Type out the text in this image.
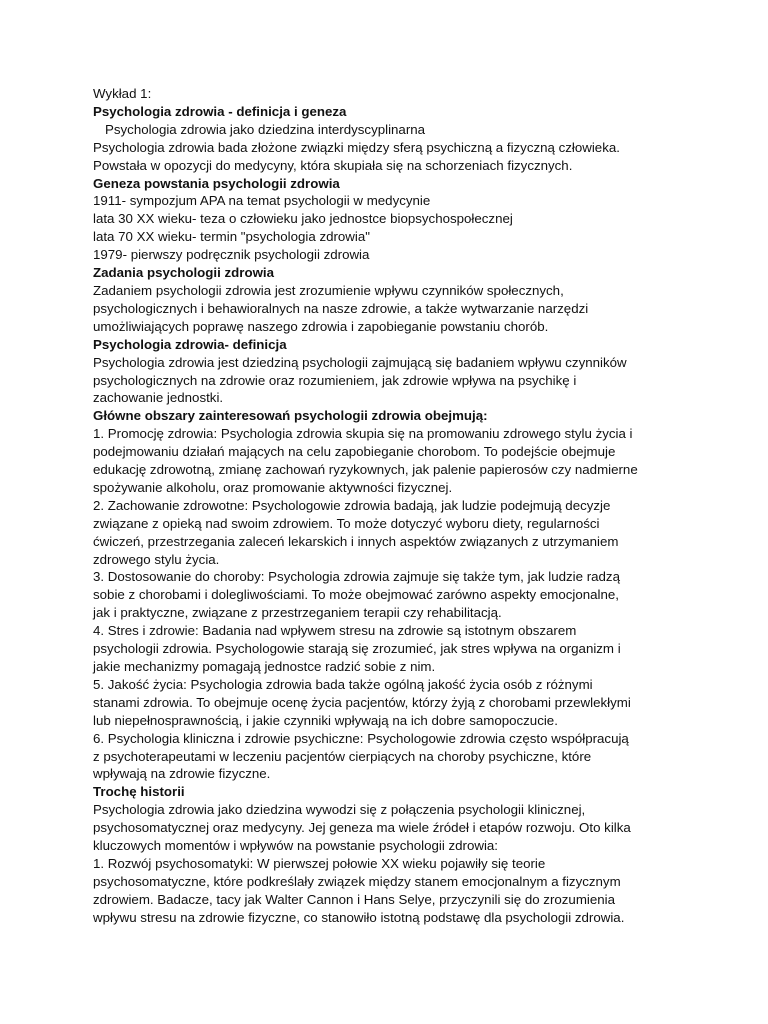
Wykład 1:

Psychologia zdrowia - definicja i geneza

Psychologia zdrowia jako dziedzina interdyscyplinarna

Psychologia zdrowia bada złożone związki między sferą psychiczną a fizyczną człowieka.

Powstała w opozycji do medycyny, która skupiała się na schorzeniach fizycznych.

Geneza powstania psychologii zdrowia

1911- sympozjum APA na temat psychologii w medycynie

lata 30 XX wieku- teza o człowieku jako jednostce biopsychospołecznej

lata 70 XX wieku- termin "psychologia zdrowia"

1979- pierwszy podręcznik psychologii zdrowia

Zadania psychologii zdrowia

Zadaniem psychologii zdrowia jest zrozumienie wpływu czynników społecznych,

psychologicznych i behawioralnych na nasze zdrowie, a także wytwarzanie narzędzi

umożliwiających poprawę naszego zdrowia i zapobieganie powstaniu chorób.

Psychologia zdrowia- definicja

Psychologia zdrowia jest dziedziną psychologii zajmującą się badaniem wpływu czynników

psychologicznych na zdrowie oraz rozumieniem, jak zdrowie wpływa na psychikę i

zachowanie jednostki.

Główne obszary zainteresowań psychologii zdrowia obejmują:

1. Promocję zdrowia: Psychologia zdrowia skupia się na promowaniu zdrowego stylu życia i

podejmowaniu działań mających na celu zapobieganie chorobom. To podejście obejmuje

edukację zdrowotną, zmianę zachowań ryzykownych, jak palenie papierosów czy nadmierne

spożywanie alkoholu, oraz promowanie aktywności fizycznej.

2. Zachowanie zdrowotne: Psychologowie zdrowia badają, jak ludzie podejmują decyzje

związane z opieką nad swoim zdrowiem. To może dotyczyć wyboru diety, regularności

ćwiczeń, przestrzegania zaleceń lekarskich i innych aspektów związanych z utrzymaniem

zdrowego stylu życia.

3. Dostosowanie do choroby: Psychologia zdrowia zajmuje się także tym, jak ludzie radzą

sobie z chorobami i dolegliwościami. To może obejmować zarówno aspekty emocjonalne,

jak i praktyczne, związane z przestrzeganiem terapii czy rehabilitacją.

4. Stres i zdrowie: Badania nad wpływem stresu na zdrowie są istotnym obszarem

psychologii zdrowia. Psychologowie starają się zrozumieć, jak stres wpływa na organizm i

jakie mechanizmy pomagają jednostce radzić sobie z nim.

5. Jakość życia: Psychologia zdrowia bada także ogólną jakość życia osób z różnymi

stanami zdrowia. To obejmuje ocenę życia pacjentów, którzy żyją z chorobami przewlekłymi

lub niepełnosprawnością, i jakie czynniki wpływają na ich dobre samopoczucie.

6. Psychologia kliniczna i zdrowie psychiczne: Psychologowie zdrowia często współpracują

z psychoterapeutami w leczeniu pacjentów cierpiących na choroby psychiczne, które

wpływają na zdrowie fizyczne.

Trochę historii

Psychologia zdrowia jako dziedzina wywodzi się z połączenia psychologii klinicznej,

psychosomatycznej oraz medycyny. Jej geneza ma wiele źródeł i etapów rozwoju. Oto kilka

kluczowych momentów i wpływów na powstanie psychologii zdrowia:

1. Rozwój psychosomatyki: W pierwszej połowie XX wieku pojawiły się teorie

psychosomatyczne, które podkreślały związek między stanem emocjonalnym a fizycznym

zdrowiem. Badacze, tacy jak Walter Cannon i Hans Selye, przyczynili się do zrozumienia

wpływu stresu na zdrowie fizyczne, co stanowiło istotną podstawę dla psychologii zdrowia.
